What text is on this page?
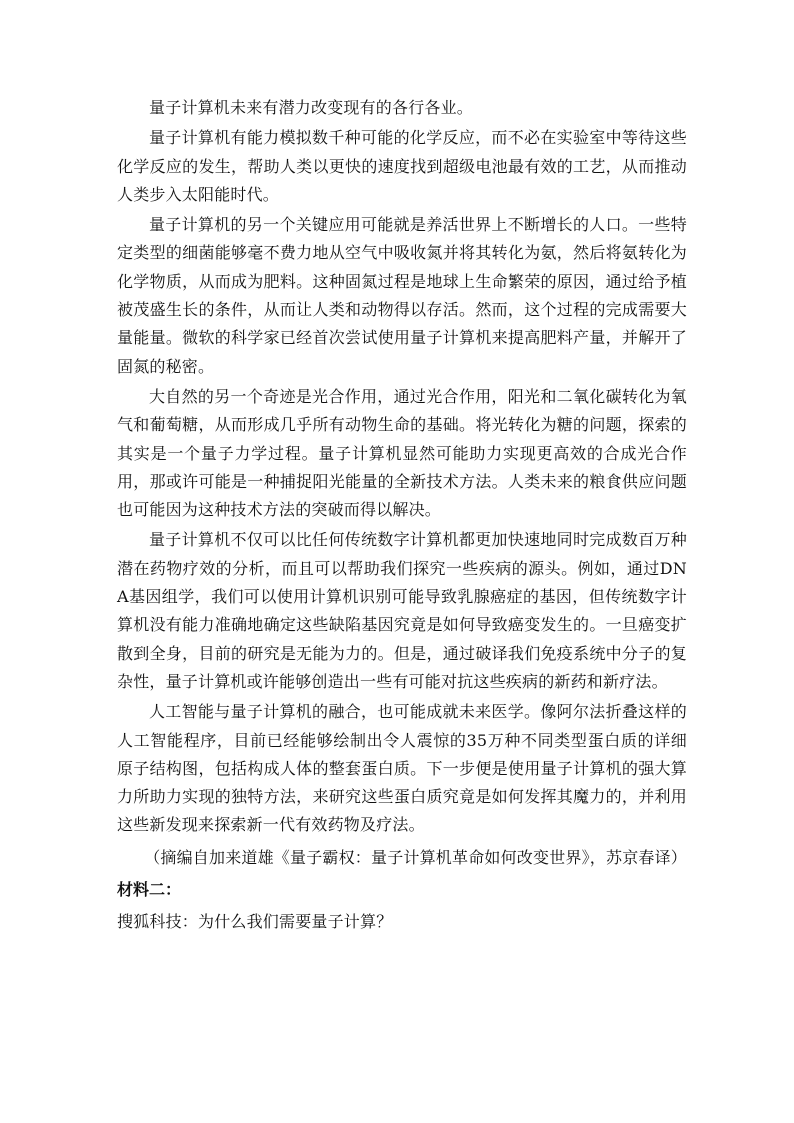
量子计算机未来有潜力改变现有的各行各业。

量子计算机有能力模拟数千种可能的化学反应，而不必在实验室中等待这些化学反应的发生，帮助人类以更快的速度找到超级电池最有效的工艺，从而推动人类步入太阳能时代。

量子计算机的另一个关键应用可能就是养活世界上不断增长的人口。一些特定类型的细菌能够毫不费力地从空气中吸收氮并将其转化为氨，然后将氨转化为化学物质，从而成为肥料。这种固氮过程是地球上生命繁荣的原因，通过给予植被茂盛生长的条件，从而让人类和动物得以存活。然而，这个过程的完成需要大量能量。微软的科学家已经首次尝试使用量子计算机来提高肥料产量，并解开了固氮的秘密。

大自然的另一个奇迹是光合作用，通过光合作用，阳光和二氧化碳转化为氧气和葡萄糖，从而形成几乎所有动物生命的基础。将光转化为糖的问题，探索的其实是一个量子力学过程。量子计算机显然可能助力实现更高效的合成光合作用，那或许可能是一种捕捉阳光能量的全新技术方法。人类未来的粮食供应问题也可能因为这种技术方法的突破而得以解决。

量子计算机不仅可以比任何传统数字计算机都更加快速地同时完成数百万种潜在药物疗效的分析，而且可以帮助我们探究一些疾病的源头。例如，通过DNA基因组学，我们可以使用计算机识别可能导致乳腺癌症的基因，但传统数字计算机没有能力准确地确定这些缺陷基因究竟是如何导致癌变发生的。一旦癌变扩散到全身，目前的研究是无能为力的。但是，通过破译我们免疫系统中分子的复杂性，量子计算机或许能够创造出一些有可能对抗这些疾病的新药和新疗法。

人工智能与量子计算机的融合，也可能成就未来医学。像阿尔法折叠这样的人工智能程序，目前已经能够绘制出令人震惊的35万种不同类型蛋白质的详细原子结构图，包括构成人体的整套蛋白质。下一步便是使用量子计算机的强大算力所助力实现的独特方法，来研究这些蛋白质究竟是如何发挥其魔力的，并利用这些新发现来探索新一代有效药物及疗法。

（摘编自加来道雄《量子霸权：量子计算机革命如何改变世界》，苏京春译）

材料二：

搜狐科技：为什么我们需要量子计算？
